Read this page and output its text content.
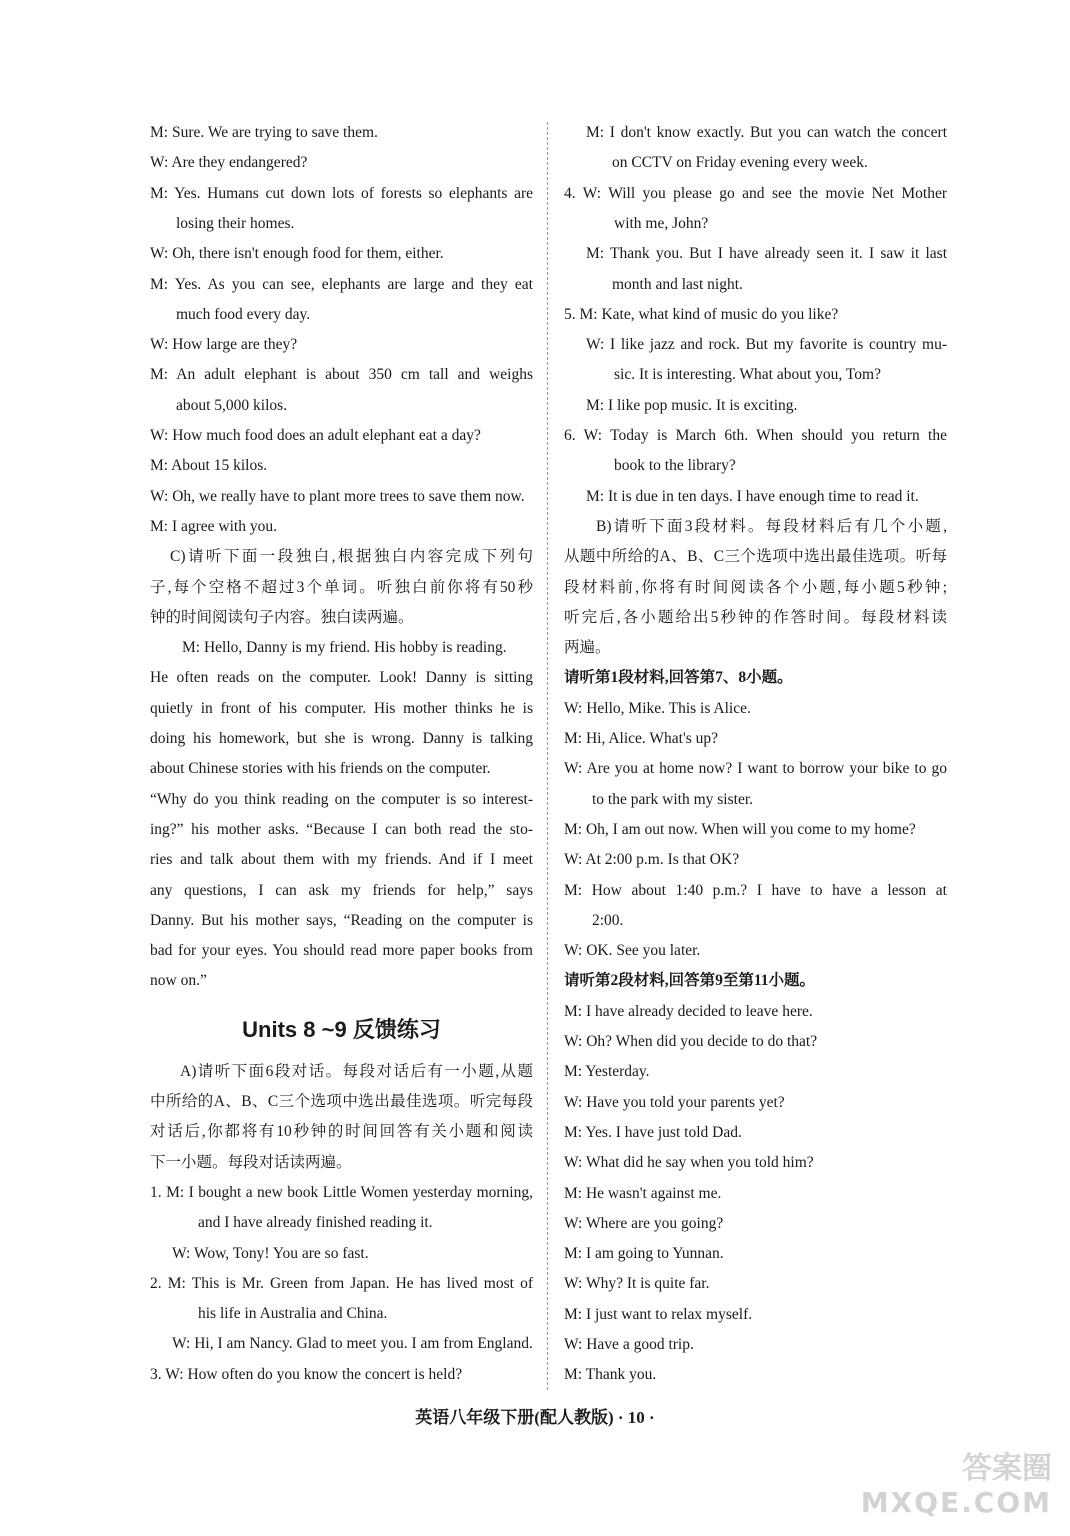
M: Sure. We are trying to save them.
W: Are they endangered?
M: Yes. Humans cut down lots of forests so elephants are
losing their homes.
W: Oh, there isn't enough food for them, either.
M: Yes. As you can see, elephants are large and they eat
much food every day.
W: How large are they?
M: An adult elephant is about 350 cm tall and weighs
about 5,000 kilos.
W: How much food does an adult elephant eat a day?
M: About 15 kilos.
W: Oh, we really have to plant more trees to save them now.
M: I agree with you.
C)请听下面一段独白,根据独白内容完成下列句
子,每个空格不超过3个单词。听独白前你将有50秒
钟的时间阅读句子内容。独白读两遍。
M: Hello, Danny is my friend. His hobby is reading.
He often reads on the computer. Look! Danny is sitting
quietly in front of his computer. His mother thinks he is
doing his homework, but she is wrong. Danny is talking
about Chinese stories with his friends on the computer.
“Why do you think reading on the computer is so interest-
ing?” his mother asks. “Because I can both read the sto-
ries and talk about them with my friends. And if I meet
any questions, I can ask my friends for help,” says
Danny. But his mother says, “Reading on the computer is
bad for your eyes. You should read more paper books from
now on.”
Units 8 ~9 反馈练习
A)请听下面6段对话。每段对话后有一小题,从题
中所给的A、B、C三个选项中选出最佳选项。听完每段
对话后,你都将有10秒钟的时间回答有关小题和阅读
下一小题。每段对话读两遍。
1. M: I bought a new book Little Women yesterday morning,
and I have already finished reading it.
W: Wow, Tony! You are so fast.
2. M: This is Mr. Green from Japan. He has lived most of
his life in Australia and China.
W: Hi, I am Nancy. Glad to meet you. I am from England.
3. W: How often do you know the concert is held?
M: I don't know exactly. But you can watch the concert
on CCTV on Friday evening every week.
4. W: Will you please go and see the movie Net Mother
with me, John?
M: Thank you. But I have already seen it. I saw it last
month and last night.
5. M: Kate, what kind of music do you like?
W: I like jazz and rock. But my favorite is country mu-
sic. It is interesting. What about you, Tom?
M: I like pop music. It is exciting.
6. W: Today is March 6th. When should you return the
book to the library?
M: It is due in ten days. I have enough time to read it.
B)请听下面3段材料。每段材料后有几个小题,
从题中所给的A、B、C三个选项中选出最佳选项。听每
段材料前,你将有时间阅读各个小题,每小题5秒钟;
听完后,各小题给出5秒钟的作答时间。每段材料读
两遍。
请听第1段材料,回答第7、8小题。
W: Hello, Mike. This is Alice.
M: Hi, Alice. What's up?
W: Are you at home now? I want to borrow your bike to go
to the park with my sister.
M: Oh, I am out now. When will you come to my home?
W: At 2:00 p.m. Is that OK?
M: How about 1:40 p.m.? I have to have a lesson at
2:00.
W: OK. See you later.
请听第2段材料,回答第9至第11小题。
M: I have already decided to leave here.
W: Oh? When did you decide to do that?
M: Yesterday.
W: Have you told your parents yet?
M: Yes. I have just told Dad.
W: What did he say when you told him?
M: He wasn't against me.
W: Where are you going?
M: I am going to Yunnan.
W: Why? It is quite far.
M: I just want to relax myself.
W: Have a good trip.
M: Thank you.
英语八年级下册(配人教版) · 10 ·
答案圈
MXQE.COM
